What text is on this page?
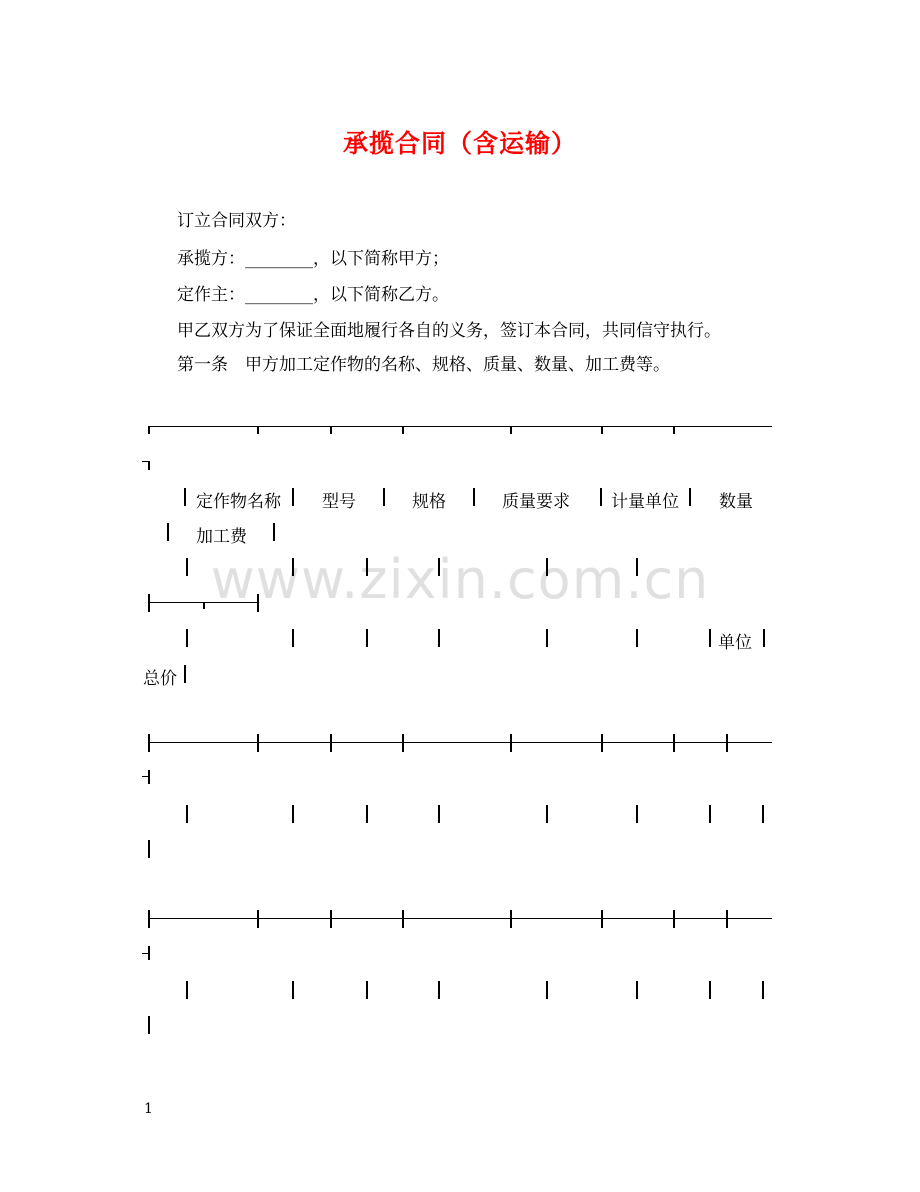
承揽合同（含运输）
订立合同双方：
承揽方：________，以下简称甲方；
定作主：________，以下简称乙方。
甲乙双方为了保证全面地履行各自的义务，签订本合同，共同信守执行。
第一条　甲方加工定作物的名称、规格、质量、数量、加工费等。
www.zixin.com.cn
定作物名称 型号	规格	质量要求 计量单位 数量
加工费
单位
总价
1
